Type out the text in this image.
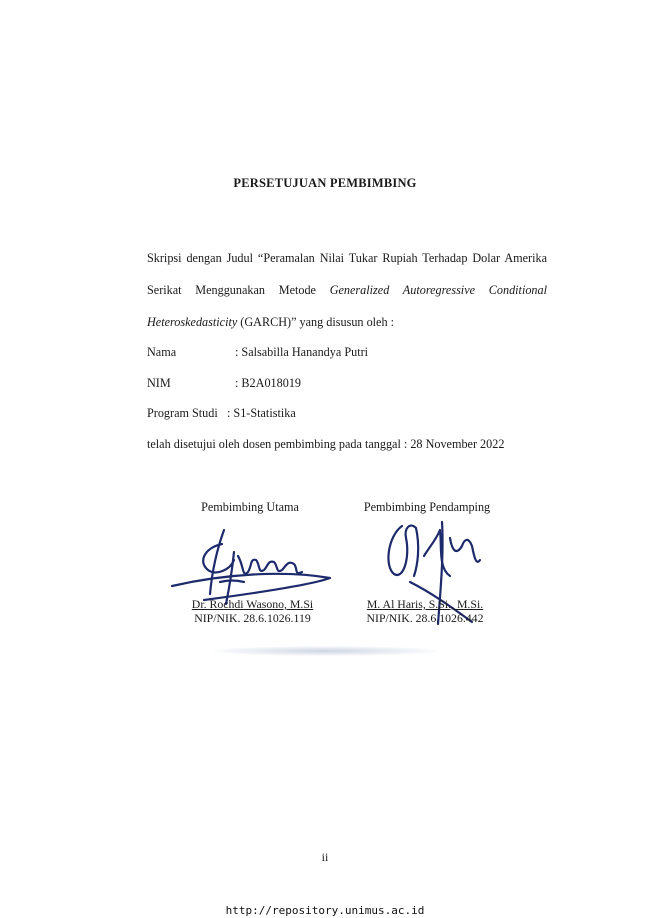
PERSETUJUAN PEMBIMBING
Skripsi dengan Judul “Peramalan Nilai Tukar Rupiah Terhadap Dolar Amerika
Serikat Menggunakan Metode Generalized Autoregressive Conditional
Heteroskedasticity (GARCH)” yang disusun oleh :
Nama	: Salsabilla Hanandya Putri
NIM	: B2A018019
Program Studi : S1-Statistika
telah disetujui oleh dosen pembimbing pada tanggal : 28 November 2022
Pembimbing Utama
Dr. Rochdi Wasono, M.Si
NIP/NIK. 28.6.1026.119
Pembimbing Pendamping
M. Al Haris, S.Si., M.Si.
NIP/NIK. 28.6.1026.442
ii
http://repository.unimus.ac.id
